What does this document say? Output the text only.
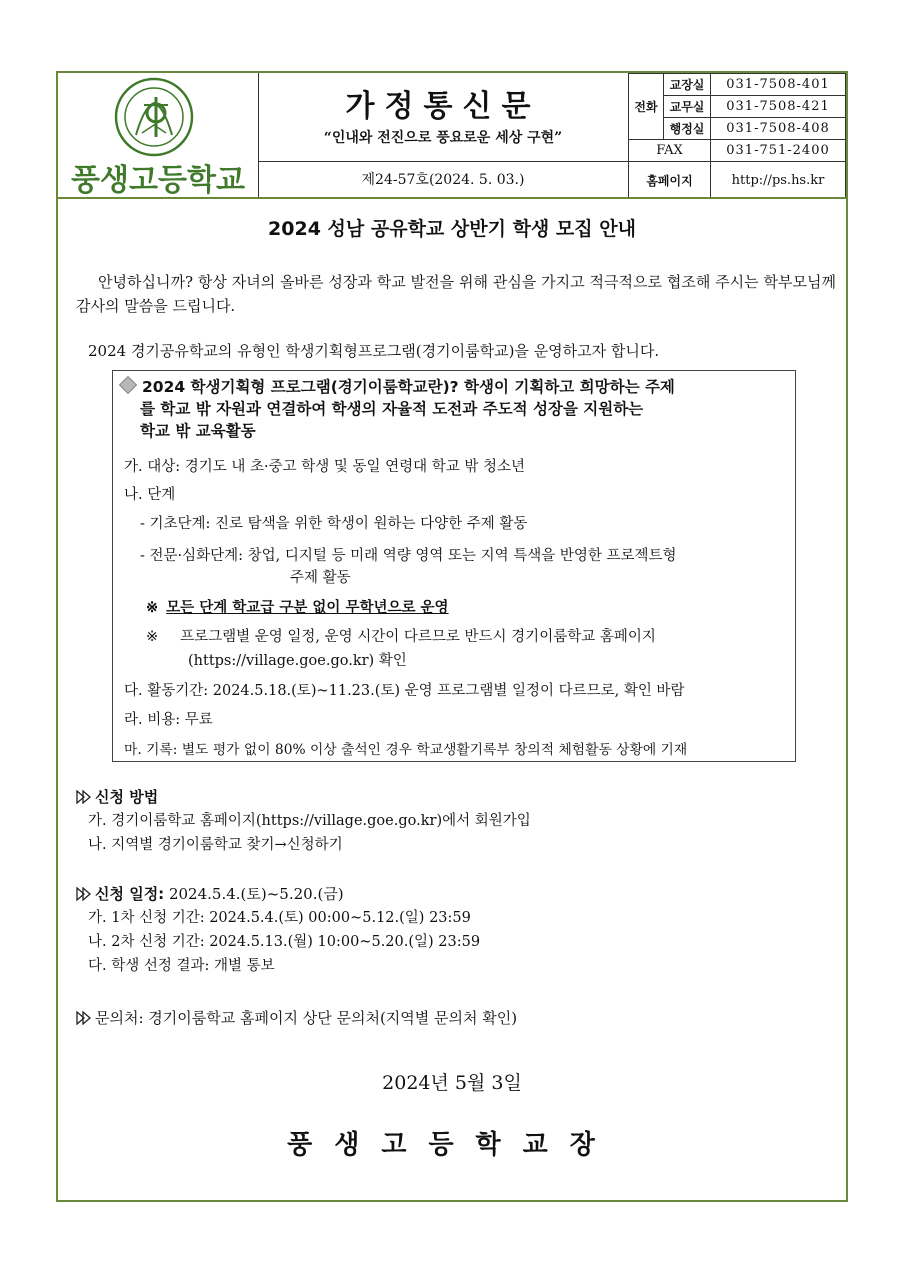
풍생고등학교
가정통신문
“인내와 전진으로 풍요로운 세상 구현”
제24-57호(2024. 5. 03.)
전화	교장실	031-7508-401
	교무실	031-7508-421
	행정실	031-7508-408
FAX		031-751-2400
홈페이지		http://ps.hs.kr
2024 성남 공유학교 상반기 학생 모집 안내
안녕하십니까? 항상 자녀의 올바른 성장과 학교 발전을 위해 관심을 가지고 적극적으로 협조해 주시는 학부모님께 감사의 말씀을 드립니다.
2024 경기공유학교의 유형인 학생기획형프로그램(경기이룸학교)을 운영하고자 합니다.
2024 학생기획형 프로그램(경기이룸학교란)? 학생이 기획하고 희망하는 주제
를 학교 밖 자원과 연결하여 학생의 자율적 도전과 주도적 성장을 지원하는
학교 밖 교육활동
가. 대상: 경기도 내 초·중고 학생 및 동일 연령대 학교 밖 청소년
나. 단계
- 기초단계: 진로 탐색을 위한 학생이 원하는 다양한 주제 활동
- 전문·심화단계: 창업, 디지털 등 미래 역량 영역 또는 지역 특색을 반영한 프로젝트형
주제 활동
※ 모든 단계 학교급 구분 없이 무학년으로 운영
※ 프로그램별 운영 일정, 운영 시간이 다르므로 반드시 경기이룸학교 홈페이지
(https://village.goe.go.kr) 확인
다. 활동기간: 2024.5.18.(토)~11.23.(토) 운영 프로그램별 일정이 다르므로, 확인 바람
라. 비용: 무료
마. 기록: 별도 평가 없이 80% 이상 출석인 경우 학교생활기록부 창의적 체험활동 상황에 기재
신청 방법
가. 경기이룸학교 홈페이지(https://village.goe.go.kr)에서 회원가입
나. 지역별 경기이룸학교 찾기→신청하기
신청 일정: 2024.5.4.(토)~5.20.(금)
가. 1차 신청 기간: 2024.5.4.(토) 00:00~5.12.(일) 23:59
나. 2차 신청 기간: 2024.5.13.(월) 10:00~5.20.(일) 23:59
다. 학생 선정 결과: 개별 통보
문의처: 경기이룸학교 홈페이지 상단 문의처(지역별 문의처 확인)
2024년 5월 3일
풍생고등학교장
